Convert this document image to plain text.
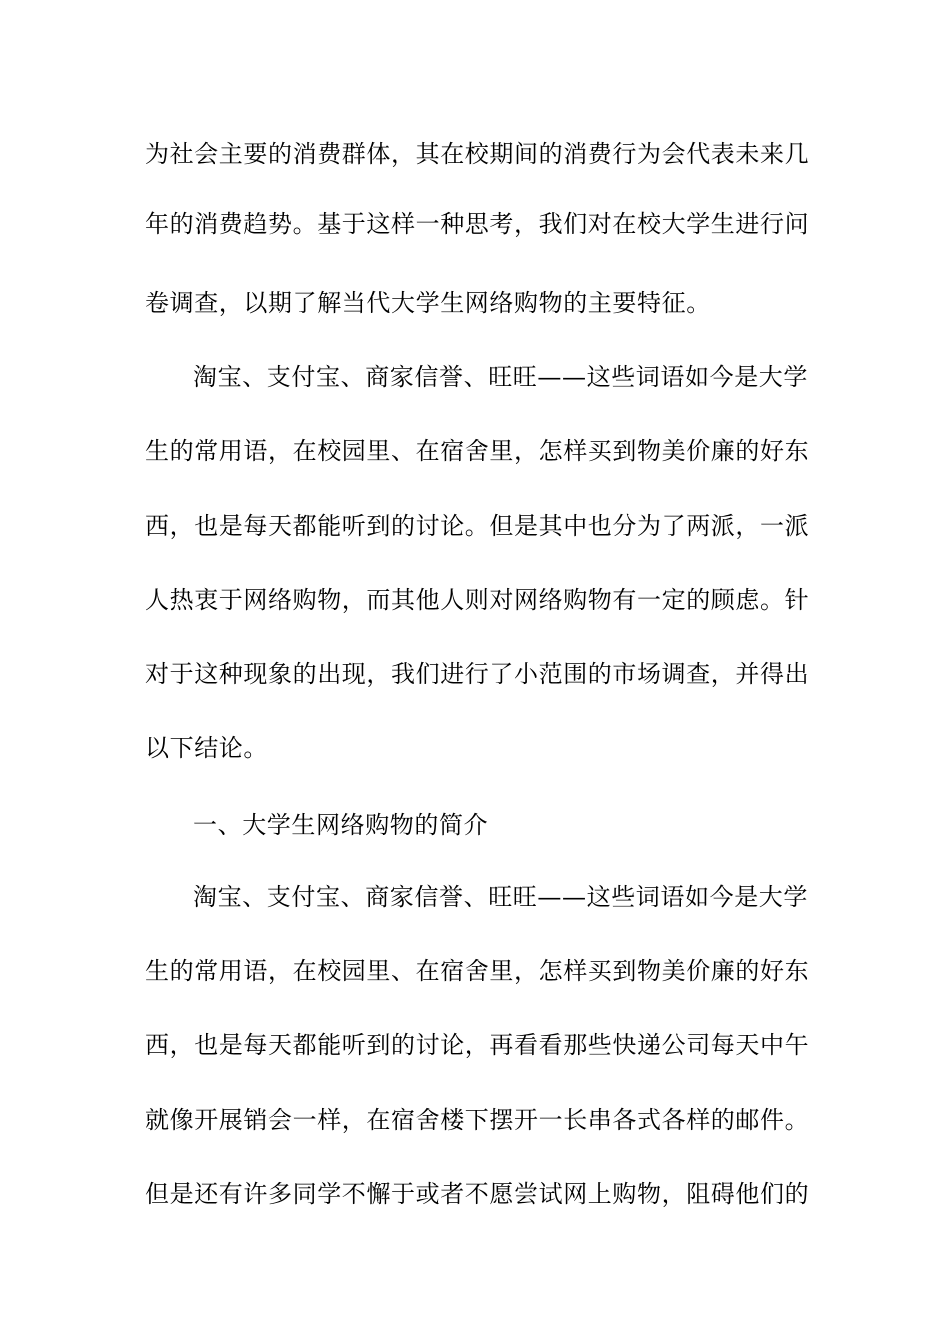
为社会主要的消费群体，其在校期间的消费行为会代表未来几
年的消费趋势。基于这样一种思考，我们对在校大学生进行问
卷调查，以期了解当代大学生网络购物的主要特征。
淘宝、支付宝、商家信誉、旺旺——这些词语如今是大学
生的常用语，在校园里、在宿舍里，怎样买到物美价廉的好东
西，也是每天都能听到的讨论。但是其中也分为了两派，一派
人热衷于网络购物，而其他人则对网络购物有一定的顾虑。针
对于这种现象的出现，我们进行了小范围的市场调查，并得出
以下结论。
一、大学生网络购物的简介
淘宝、支付宝、商家信誉、旺旺——这些词语如今是大学
生的常用语，在校园里、在宿舍里，怎样买到物美价廉的好东
西，也是每天都能听到的讨论，再看看那些快递公司每天中午
就像开展销会一样，在宿舍楼下摆开一长串各式各样的邮件。
但是还有许多同学不懈于或者不愿尝试网上购物，阻碍他们的
